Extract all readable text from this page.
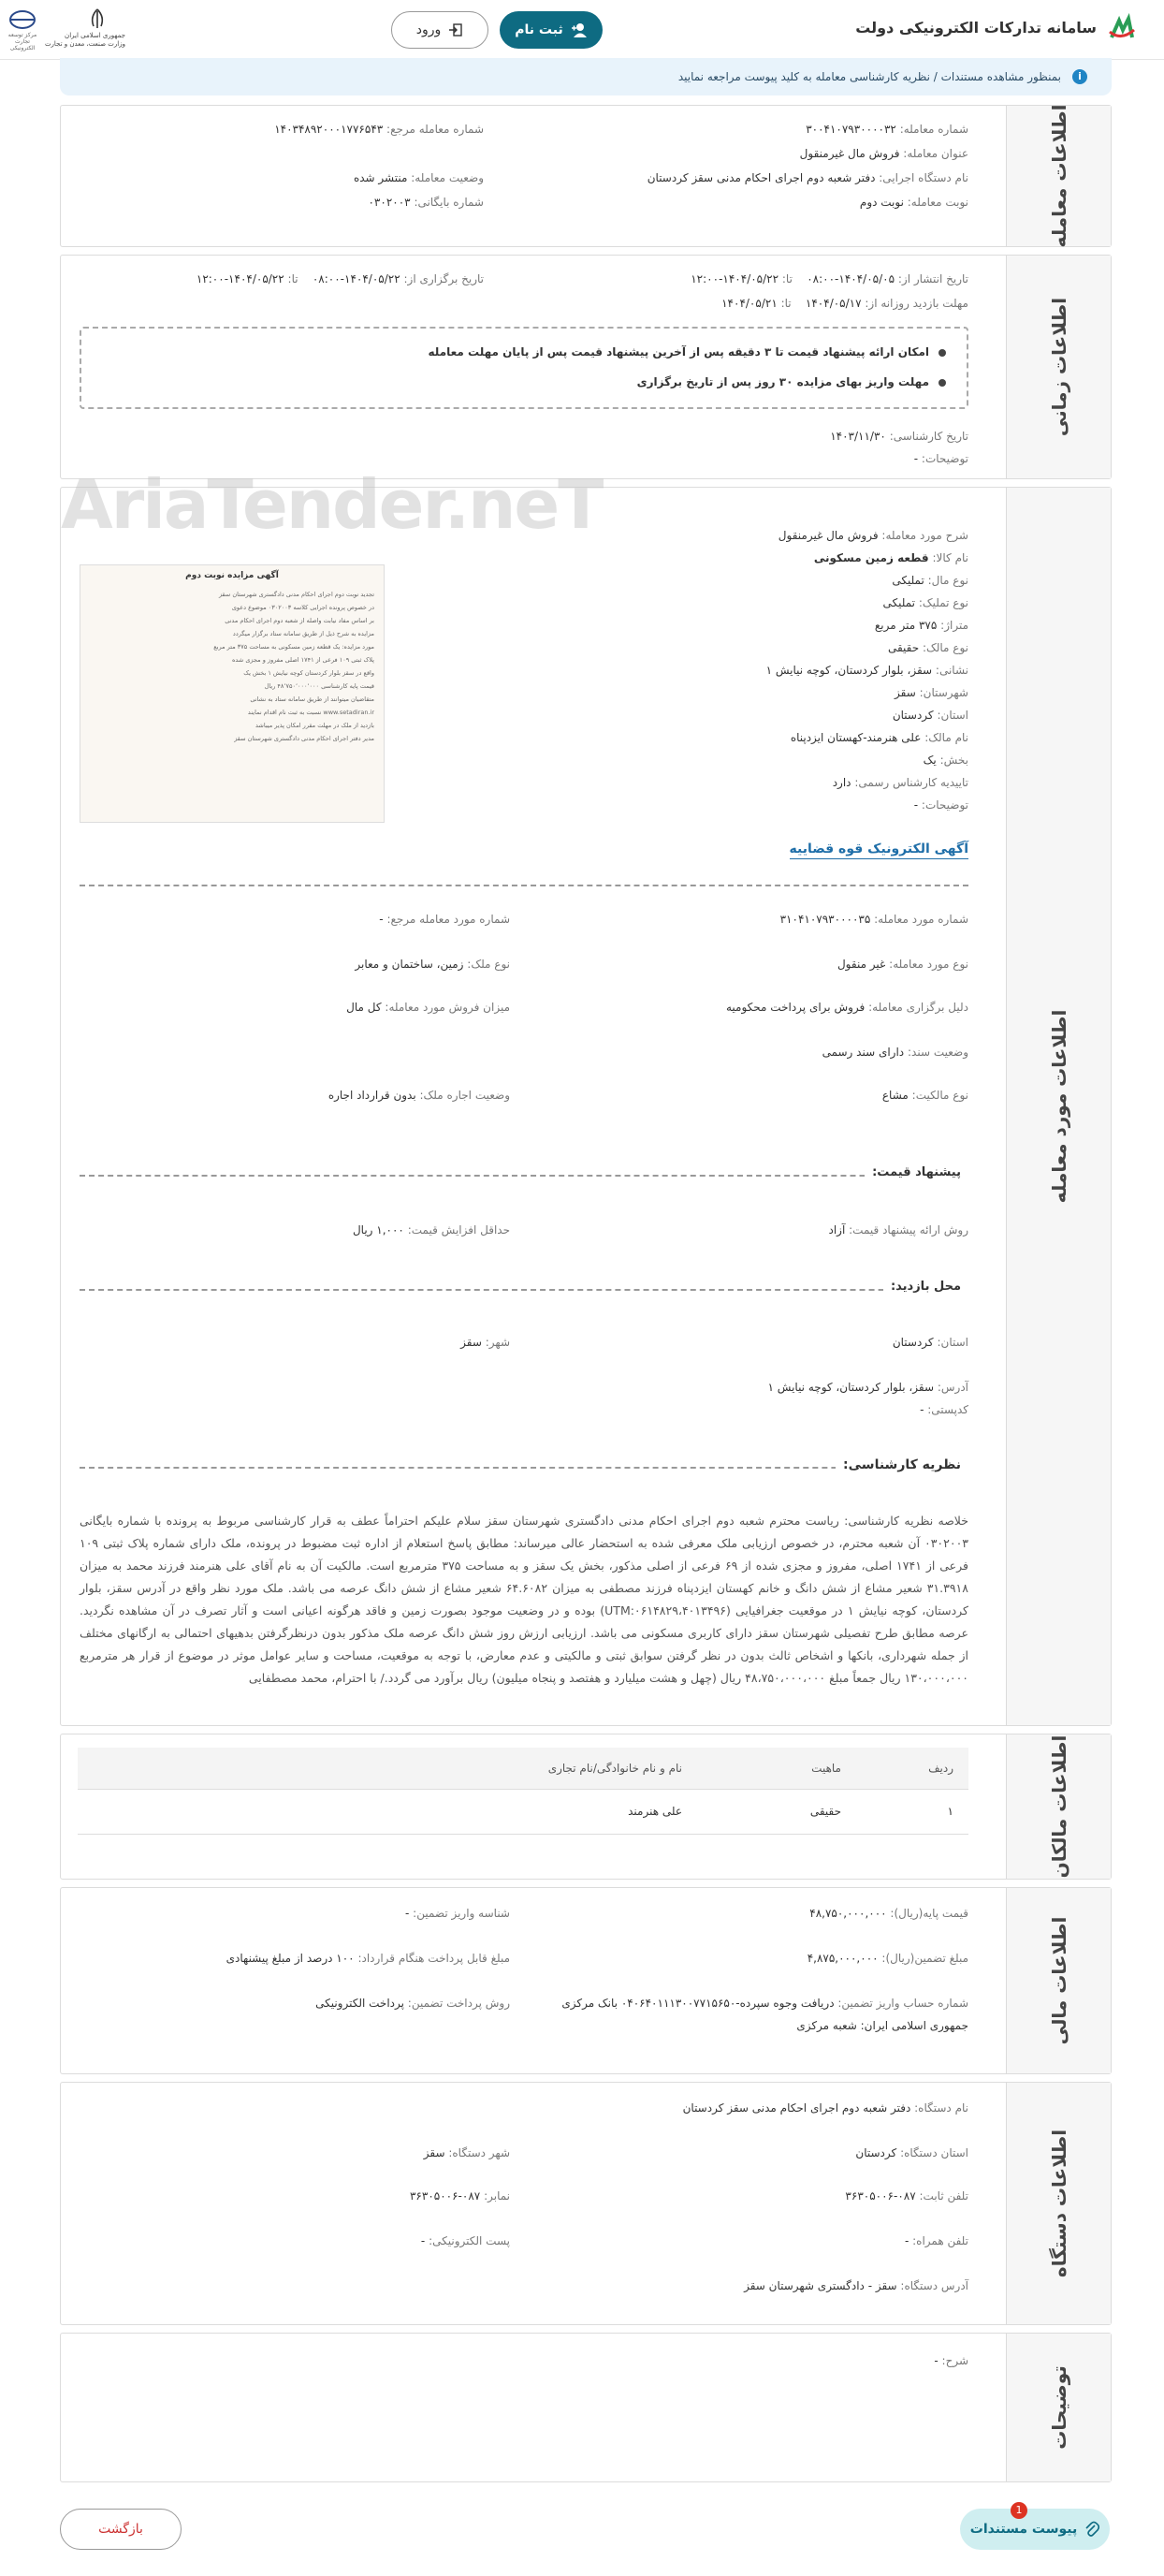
سامانه تدارکات الکترونیکی دولت
ثبت نام
ورود
جمهوری اسلامی ایران
وزارت صنعت، معدن و تجارت
مرکز توسعه تجارت الکترونیکی
i
بمنظور مشاهده مستندات / نظریه کارشناسی معامله به کلید پیوست مراجعه نمایید
اطلاعات معامله
شماره معامله: ۳۰۰۴۱۰۷۹۳۰۰۰۰۳۲
شماره معامله مرجع: ۱۴۰۳۴۸۹۲۰۰۰۱۷۷۶۵۴۳
عنوان معامله: فروش مال غیرمنقول
نام دستگاه اجرایی: دفتر شعبه دوم اجرای احکام مدنی سقز کردستان
وضعیت معامله: منتشر شده
نوبت معامله: نوبت دوم
شماره بایگانی: ۰۳۰۲۰۰۳
اطلاعات زمانی
تاریخ انتشار از: ۱۴۰۴/۰۵/۰۵-۰۸:۰۰    تا: ۱۴۰۴/۰۵/۲۲-۱۲:۰۰
تاریخ برگزاری از: ۱۴۰۴/۰۵/۲۲-۰۸:۰۰    تا: ۱۴۰۴/۰۵/۲۲-۱۲:۰۰
مهلت بازدید روزانه از: ۱۴۰۴/۰۵/۱۷    تا: ۱۴۰۴/۰۵/۲۱
امکان ارائه پیشنهاد قیمت تا ۳ دقیقه پس از آخرین پیشنهاد قیمت پس از پایان مهلت معامله
مهلت واریز بهای مزایده ۳۰ روز پس از تاریخ برگزاری
تاریخ کارشناسی: ۱۴۰۳/۱۱/۳۰
توضیحات: -
اطلاعات مورد معامله
AriaTender.neT	شرح مورد معامله: فروش مال غیرمنقول
نام کالا: قطعه زمین مسکونی
نوع مال: تملیکی
نوع تملیک: تملیکی
متراژ: ۳۷۵ متر مربع
نوع مالک: حقیقی
نشانی: سقز، بلوار کردستان، کوچه نیایش ۱
شهرستان: سقز
استان: کردستان
نام مالک: علی هنرمند-کهستان ایزدپناه
بخش: یک
تاییدیه کارشناس رسمی: دارد
توضیحات: -
آگهی مزایده نوبت دوم
تجدید نوبت دوم اجرای احکام مدنی دادگستری شهرستان سقز
در خصوص پرونده اجرایی کلاسه ۰۳۰۲۰۰۳ موضوع دعوی
بر اساس مفاد نیابت واصله از شعبه دوم اجرای احکام مدنی
مزایده به شرح ذیل از طریق سامانه ستاد برگزار میگردد
مورد مزایده: یک قطعه زمین مسکونی به مساحت ۳۷۵ متر مربع
پلاک ثبتی ۱۰۹ فرعی از ۱۷۴۱ اصلی مفروز و مجزی شده
واقع در سقز بلوار کردستان کوچه نیایش ۱ بخش یک
قیمت پایه کارشناسی ۴۸٬۷۵۰٬۰۰۰٬۰۰۰ ریال
متقاضیان میتوانند از طریق سامانه ستاد به نشانی
www.setadiran.ir نسبت به ثبت نام اقدام نمایند
بازدید از ملک در مهلت مقرر امکان پذیر میباشد
مدیر دفتر اجرای احکام مدنی دادگستری شهرستان سقز
آگهی الکترونیک قوه قضاییه
شماره مورد معامله: ۳۱۰۴۱۰۷۹۳۰۰۰۰۳۵
شماره مورد معامله مرجع: -
نوع مورد معامله: غیر منقول
نوع ملک: زمین، ساختمان و معابر
دلیل برگزاری معامله: فروش برای پرداخت محکومیه
میزان فروش مورد معامله: کل مال
وضعیت سند: دارای سند رسمی
نوع مالکیت: مشاع
وضعیت اجاره ملک: بدون قرارداد اجاره
پیشنهاد قیمت:
روش ارائه پیشنهاد قیمت: آزاد
حداقل افزایش قیمت: ۱,۰۰۰ ریال
محل بازدید:
استان: کردستان
شهر: سقز
آدرس: سقز، بلوار کردستان، کوچه نیایش ۱
کدپستی: -
نظریه کارشناسی:
خلاصه نظریه کارشناسی: ریاست محترم شعبه دوم اجرای احکام مدنی دادگستری شهرستان سقز سلام علیکم احتراماً عطف به قرار کارشناسی مربوط به پرونده با شماره بایگانی ۰۳۰۲۰۰۳ آن شعبه محترم، در خصوص ارزیابی ملک معرفی شده به استحضار عالی میرساند: مطابق پاسخ استعلام از اداره ثبت مضبوط در پرونده، ملک دارای شماره پلاک ثبتی ۱۰۹ فرعی از ۱۷۴۱ اصلی، مفروز و مجزی شده از ۶۹ فرعی از اصلی مذکور، بخش یک سقز و به مساحت ۳۷۵ مترمربع است. مالکیت آن به نام آقای علی هنرمند فرزند محمد به میزان ۳۱.۳۹۱۸ شعیر مشاع از شش دانگ و خانم کهستان ایزدپناه فرزند مصطفی به میزان ۶۴.۶۰۸۲ شعیر مشاع از شش دانگ عرصه می باشد. ملک مورد نظر واقع در آدرس سقز، بلوار کردستان، کوچه نیایش ۱ در موقعیت جغرافیایی (UTM:۰۶۱۴۸۲۹،۴۰۱۳۴۹۶) بوده و در وضعیت موجود بصورت زمین و فاقد هرگونه اعیانی است و آثار تصرف در آن مشاهده نگردید. عرصه مطابق طرح تفصیلی شهرستان سقز دارای کاربری مسکونی می باشد. ارزیابی ارزش روز شش دانگ عرصه ملک مذکور بدون درنظرگرفتن بدهیهای احتمالی به ارگانهای مختلف از جمله شهرداری، بانکها و اشخاص ثالث بدون در نظر گرفتن سوابق ثبتی و مالکیتی و عدم معارض، با توجه به موقعیت، مساحت و سایر عوامل موثر در موضوع از قرار هر مترمربع ۱۳۰،۰۰۰،۰۰۰ ریال جمعاً مبلغ ۴۸،۷۵۰،۰۰۰،۰۰۰ ریال (چهل و هشت میلیارد و هفتصد و پنجاه میلیون) ریال برآورد می گردد./ با احترام، محمد مصطفایی
اطلاعات مالکان
ردیف	ماهیت	نام و نام خانوادگی/نام تجاری
۱	حقیقی	علی هنرمند
اطلاعات مالی
قیمت پایه(ریال): ۴۸,۷۵۰,۰۰۰,۰۰۰
شناسه واریز تضمین: -
مبلغ تضمین(ریال): ۴,۸۷۵,۰۰۰,۰۰۰
مبلغ قابل پرداخت هنگام قرارداد: ۱۰۰ درصد از مبلغ پیشنهادی
شماره حساب واریز تضمین: دریافت وجوه سپرده-۰۴۰۶۴۰۱۱۱۳۰۰۷۷۱۵۶۵۰ بانک مرکزی
جمهوری اسلامی ایران: شعبه مرکزی
روش پرداخت تضمین: پرداخت الکترونیکی
اطلاعات دستگاه
نام دستگاه: دفتر شعبه دوم اجرای احکام مدنی سقز کردستان
استان دستگاه: کردستان
شهر دستگاه: سقز
تلفن ثابت: ۰۸۷-۳۶۳۰۵۰۰۶
نمابر: ۰۸۷-۳۶۳۰۵۰۰۶
تلفن همراه: -
پست الکترونیکی: -
آدرس دستگاه: سقز - دادگستری شهرستان سقز
توضیحات
شرح: -
پیوست مستندات
1
بازگشت
